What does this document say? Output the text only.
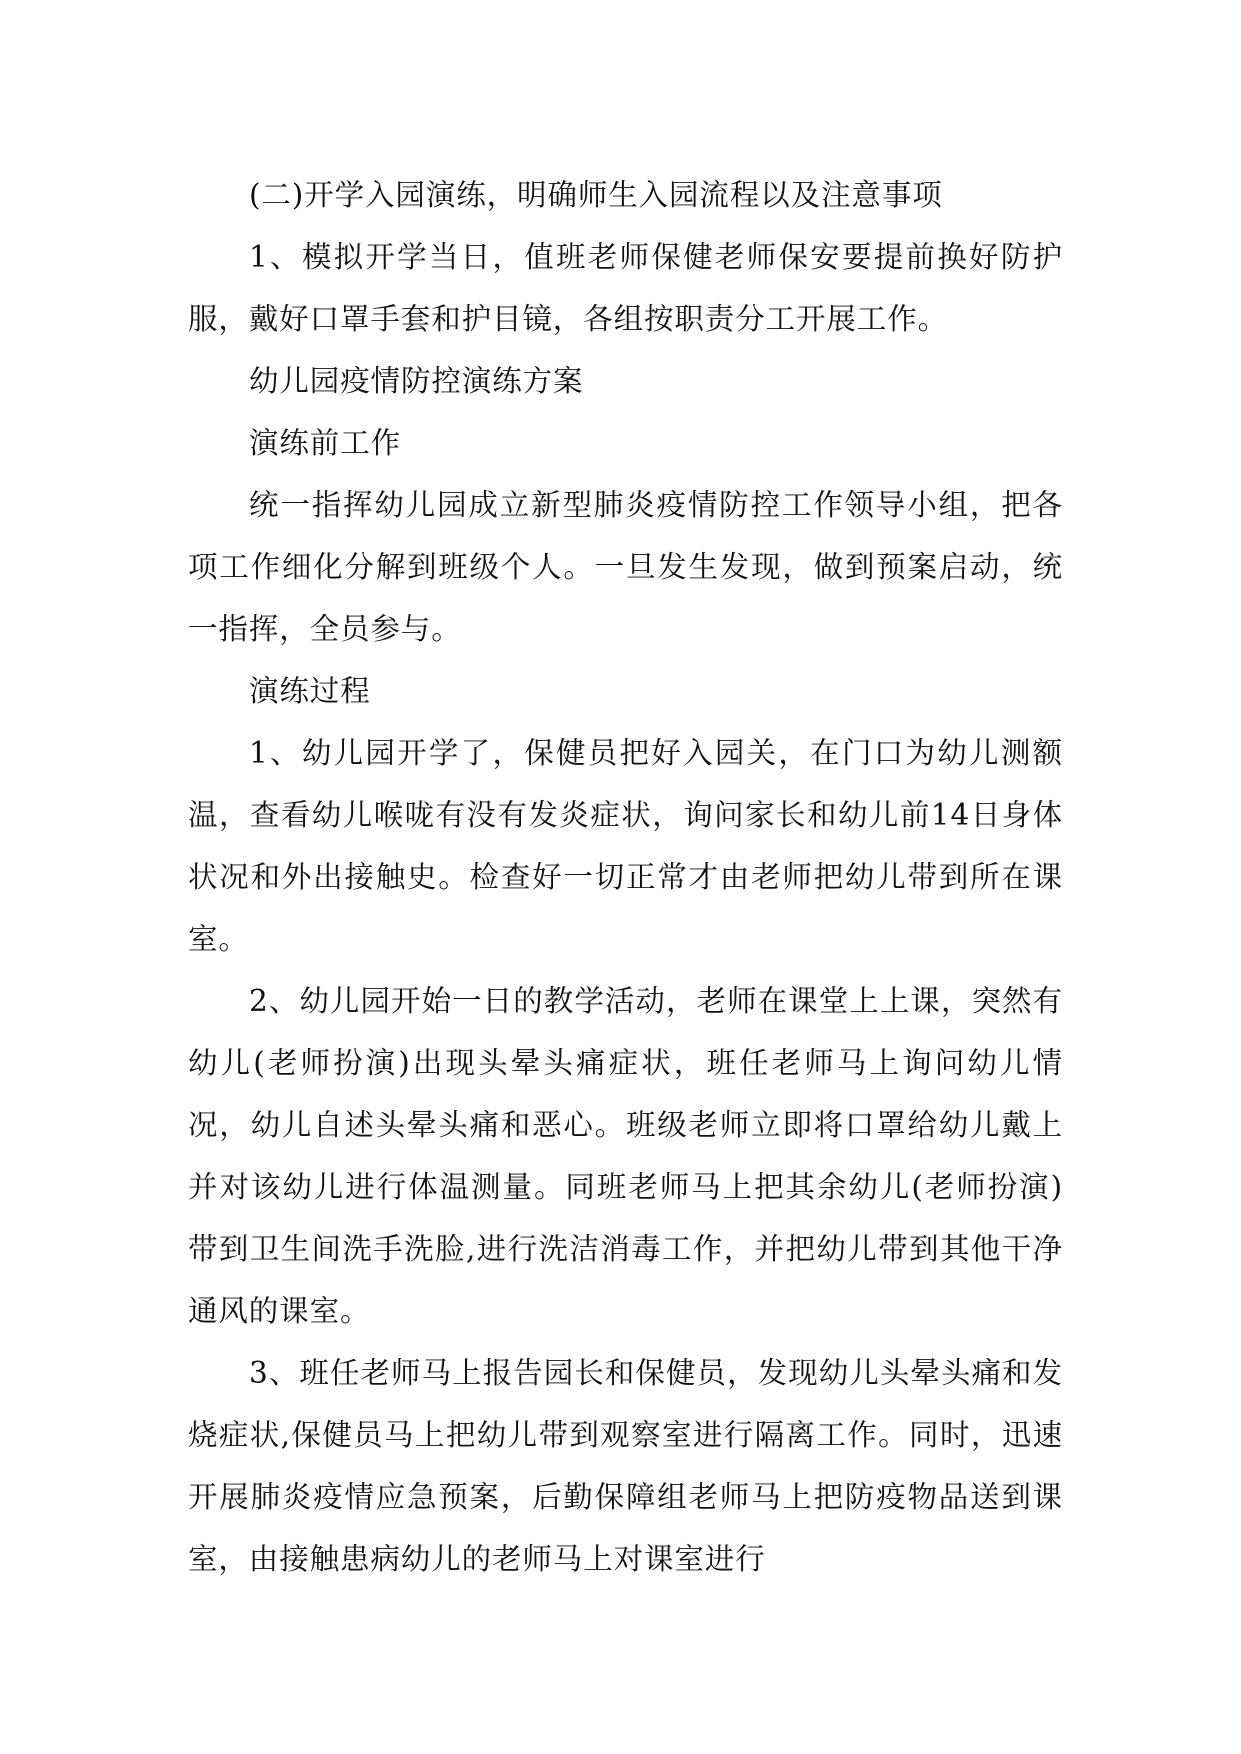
(二)开学入园演练，明确师生入园流程以及注意事项

1、模拟开学当日，值班老师保健老师保安要提前换好防护服，戴好口罩手套和护目镜，各组按职责分工开展工作。

幼儿园疫情防控演练方案

演练前工作

统一指挥幼儿园成立新型肺炎疫情防控工作领导小组，把各项工作细化分解到班级个人。一旦发生发现，做到预案启动，统一指挥，全员参与。

演练过程

1、幼儿园开学了，保健员把好入园关，在门口为幼儿测额温，查看幼儿喉咙有没有发炎症状，询问家长和幼儿前14日身体状况和外出接触史。检查好一切正常才由老师把幼儿带到所在课室。

2、幼儿园开始一日的教学活动，老师在课堂上上课，突然有幼儿(老师扮演)出现头晕头痛症状，班任老师马上询问幼儿情况，幼儿自述头晕头痛和恶心。班级老师立即将口罩给幼儿戴上并对该幼儿进行体温测量。同班老师马上把其余幼儿(老师扮演)带到卫生间洗手洗脸,进行洗洁消毒工作，并把幼儿带到其他干净通风的课室。

3、班任老师马上报告园长和保健员，发现幼儿头晕头痛和发烧症状,保健员马上把幼儿带到观察室进行隔离工作。同时，迅速开展肺炎疫情应急预案，后勤保障组老师马上把防疫物品送到课室，由接触患病幼儿的老师马上对课室进行
